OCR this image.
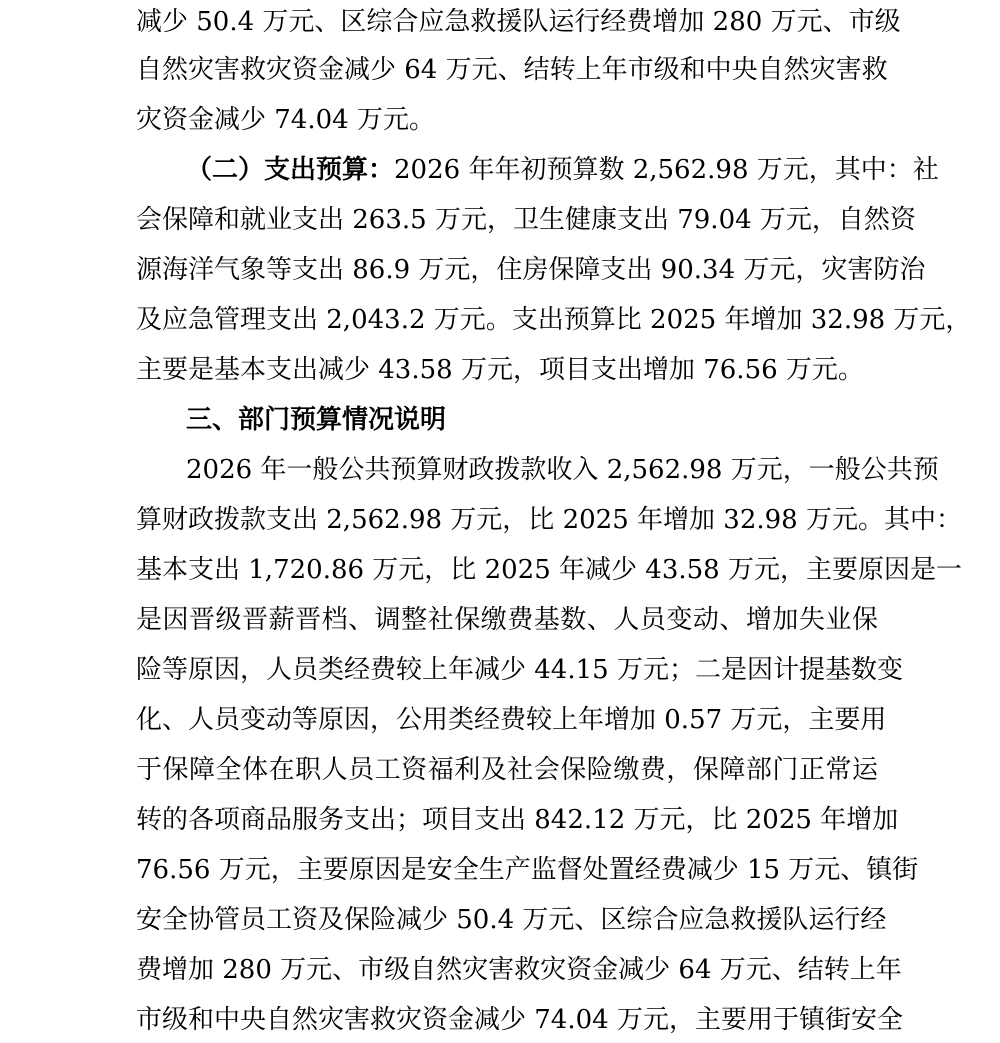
减少 50.4 万元、区综合应急救援队运行经费增加 280 万元、市级
自然灾害救灾资金减少 64 万元、结转上年市级和中央自然灾害救
灾资金减少 74.04 万元。
（二）支出预算：2026 年年初预算数 2,562.98 万元，其中：社
会保障和就业支出 263.5 万元，卫生健康支出 79.04 万元，自然资
源海洋气象等支出 86.9 万元，住房保障支出 90.34 万元，灾害防治
及应急管理支出 2,043.2 万元。支出预算比 2025 年增加 32.98 万元，
主要是基本支出减少 43.58 万元，项目支出增加 76.56 万元。
三、部门预算情况说明
2026 年一般公共预算财政拨款收入 2,562.98 万元，一般公共预
算财政拨款支出 2,562.98 万元，比 2025 年增加 32.98 万元。其中：
基本支出 1,720.86 万元，比 2025 年减少 43.58 万元，主要原因是一
是因晋级晋薪晋档、调整社保缴费基数、人员变动、增加失业保
险等原因，人员类经费较上年减少 44.15 万元；二是因计提基数变
化、人员变动等原因，公用类经费较上年增加 0.57 万元，主要用
于保障全体在职人员工资福利及社会保险缴费，保障部门正常运
转的各项商品服务支出；项目支出 842.12 万元，比 2025 年增加
76.56 万元，主要原因是安全生产监督处置经费减少 15 万元、镇街
安全协管员工资及保险减少 50.4 万元、区综合应急救援队运行经
费增加 280 万元、市级自然灾害救灾资金减少 64 万元、结转上年
市级和中央自然灾害救灾资金减少 74.04 万元，主要用于镇街安全
